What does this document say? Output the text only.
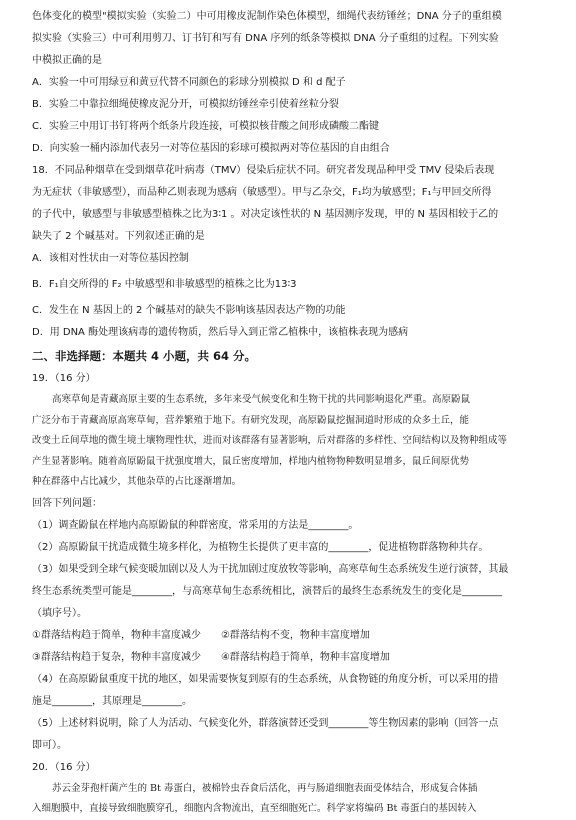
色体变化的模型"模拟实验（实验二）中可用橡皮泥制作染色体模型，细绳代表纺锤丝；DNA 分子的重组模
拟实验（实验三）中可利用剪刀、订书钉和写有 DNA 序列的纸条等模拟 DNA 分子重组的过程。下列实验
中模拟正确的是
A．实验一中可用绿豆和黄豆代替不同颜色的彩球分别模拟 D 和 d 配子
B．实验二中靠拉细绳使橡皮泥分开，可模拟纺锤丝牵引使着丝粒分裂
C．实验三中用订书钉将两个纸条片段连接，可模拟核苷酸之间形成磷酸二酯键
D．向实验一桶内添加代表另一对等位基因的彩球可模拟两对等位基因的自由组合
18．不同品种烟草在受到烟草花叶病毒（TMV）侵染后症状不同。研究者发现品种甲受 TMV 侵染后表现
为无症状（非敏感型），而品种乙则表现为感病（敏感型）。甲与乙杂交，F₁均为敏感型；F₁与甲回交所得
的子代中，敏感型与非敏感型植株之比为3∶1 。对决定该性状的 N 基因测序发现，甲的 N 基因相较于乙的
缺失了 2 个碱基对。下列叙述正确的是
A．该相对性状由一对等位基因控制
B．F₁自交所得的 F₂ 中敏感型和非敏感型的植株之比为13∶3
C．发生在 N 基因上的 2 个碱基对的缺失不影响该基因表达产物的功能
D．用 DNA 酶处理该病毒的遗传物质，然后导入到正常乙植株中，该植株表现为感病
二、非选择题：本题共 4 小题，共 64 分。
19．（16 分）
高寒草甸是青藏高原主要的生态系统，多年来受气候变化和生物干扰的共同影响退化严重。高原鼢鼠
广泛分布于青藏高原高寒草甸，营养繁殖于地下。有研究发现，高原鼢鼠挖掘洞道时形成的众多土丘，能
改变土丘间草地的微生境土壤物理性状，进而对该群落有显著影响，后对群落的多样性、空间结构以及物种组成等
产生显著影响。随着高原鼢鼠干扰强度增大，鼠丘密度增加，样地内植物物种数明显增多，鼠丘间原优势
种在群落中占比减少，其他杂草的占比逐渐增加。
回答下列问题：
（1）调查鼢鼠在样地内高原鼢鼠的种群密度，常采用的方法是________。
（2）高原鼢鼠干扰造成微生境多样化，为植物生长提供了更丰富的________，促进植物群落物种共存。
（3）如果受到全球气候变暖加剧以及人为干扰加剧过度放牧等影响，高寒草甸生态系统发生逆行演替，其最
终生态系统类型可能是________，与高寒草甸生态系统相比，演替后的最终生态系统发生的变化是________
（填序号）。
①群落结构趋于简单，物种丰富度减少　　②群落结构不变，物种丰富度增加
③群落结构趋于复杂，物种丰富度减少　　④群落结构趋于简单，物种丰富度增加
（4）在高原鼢鼠重度干扰的地区，如果需要恢复到原有的生态系统，从食物链的角度分析，可以采用的措
施是________，其原理是________。
（5）上述材料说明，除了人为活动、气候变化外，群落演替还受到________等生物因素的影响（回答一点
即可）。
20．（16 分）
苏云金芽孢杆菌产生的 Bt 毒蛋白，被棉铃虫吞食后活化，再与肠道细胞表面受体结合，形成复合体插
入细胞膜中，直接导致细胞膜穿孔，细胞内含物流出，直至细胞死亡。科学家将编码 Bt 毒蛋白的基因转入
